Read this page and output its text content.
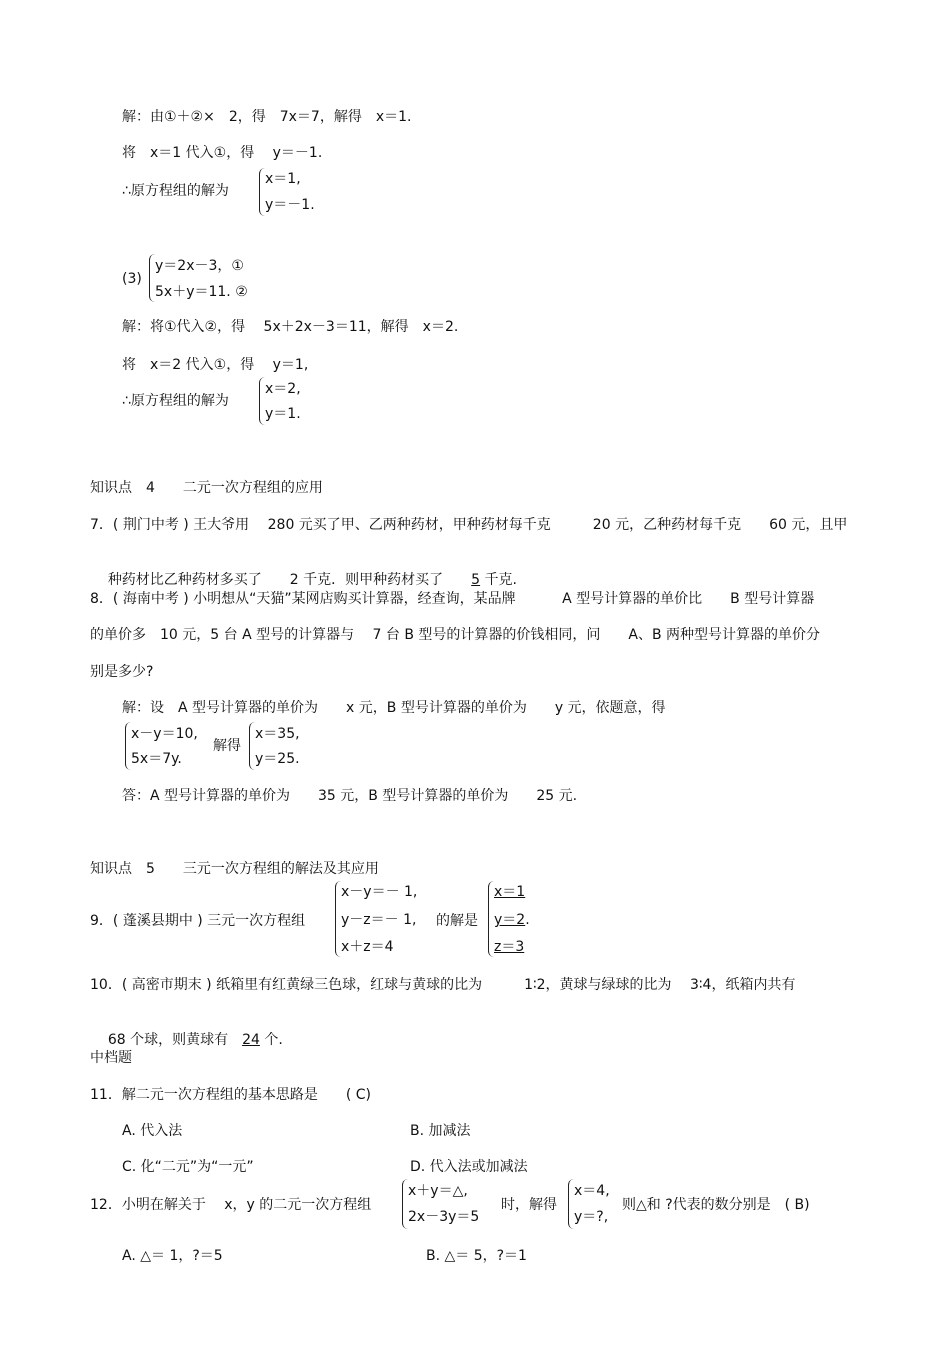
解：由①＋②×　2，得　7x＝7，解得　x＝1.
将　x＝1 代入①，得　 y＝－1.
∴原方程组的解为
x＝1,
y＝－1.
(3)
y＝2x－3，①
5x＋y＝11. ②
解：将①代入②，得　 5x＋2x－3＝11，解得　x＝2.
将　x＝2 代入①，得　 y＝1,
∴原方程组的解为
x＝2,
y＝1.
知识点　4　　二元一次方程组的应用
7．( 荆门中考 ) 王大爷用　 280 元买了甲、乙两种药材，甲种药材每千克　　　20 元，乙种药材每千克　　60 元，且甲

种药材比乙种药材多买了　　2 千克．则甲种药材买了　　5 千克.

8．( 海南中考 ) 小明想从“天猫”某网店购买计算器，经查询，某品牌　　　 A 型号计算器的单价比　　B 型号计算器
的单价多　10 元，5 台 A 型号的计算器与　 7 台 B 型号的计算器的价钱相同，问　　A、B 两种型号计算器的单价分
别是多少?
解：设　A 型号计算器的单价为　　x 元，B 型号计算器的单价为　　y 元，依题意，得
x－y＝10,
5x＝7y.
解得
x＝35,
y＝25.
答：A 型号计算器的单价为　　35 元，B 型号计算器的单价为　　25 元.
知识点　5　　三元一次方程组的解法及其应用
9．( 蓬溪县期中 ) 三元一次方程组
x－y＝－ 1,
y－z＝－ 1,
x＋z＝4
的解是
x＝1
y＝2.
z＝3
10．( 高密市期末 ) 纸箱里有红黄绿三色球，红球与黄球的比为　　　1∶2，黄球与绿球的比为　 3∶4，纸箱内共有

68 个球，则黄球有　24 个.

中档题
11．解二元一次方程组的基本思路是　　( C)
A. 代入法	B. 加减法
C. 化“二元”为“一元”	D. 代入法或加减法
12．小明在解关于　 x，y 的二元一次方程组
x＋y＝△,
2x－3y＝5
时，解得
x＝4,
y＝?,
则△和 ?代表的数分别是　( B)
A. △＝ 1，?＝5	B. △＝ 5，?＝1
